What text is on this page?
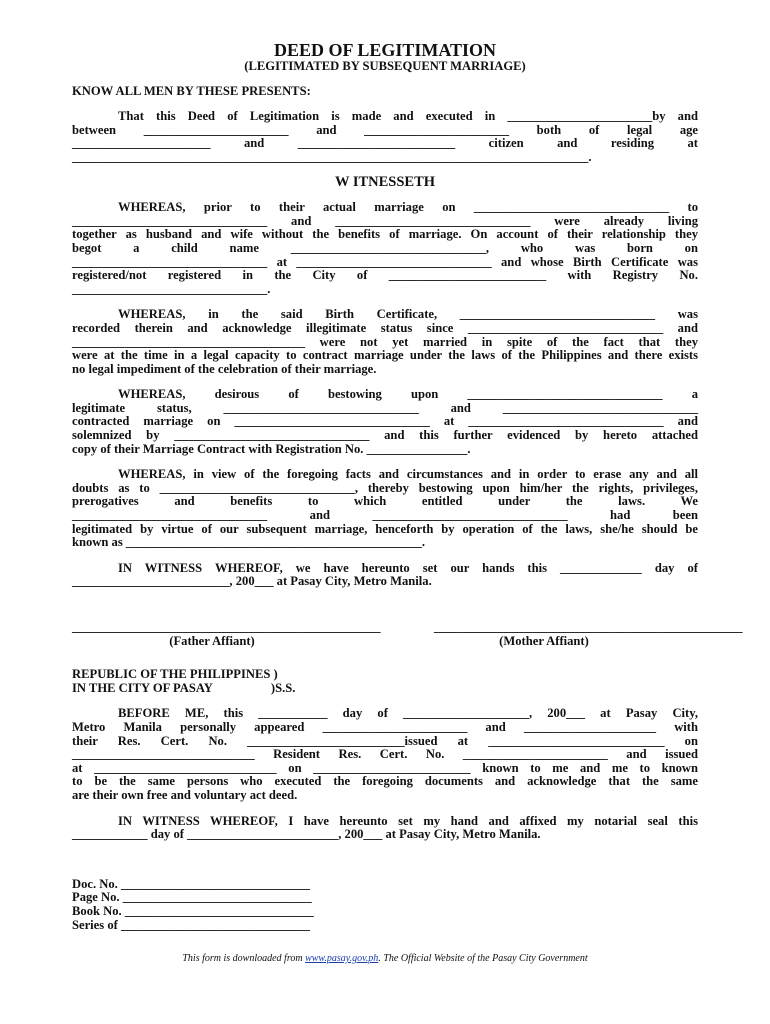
DEED OF LEGITIMATION

(LEGITIMATED BY SUBSEQUENT MARRIAGE)

KNOW ALL MEN BY THESE PRESENTS:

That this Deed of Legitimation is made and executed in _______________________by and

between _______________________ and _______________________ both of legal age

______________________ and _________________________ citizen and residing at

__________________________________________________________________________________.

W ITNESSETH

WHEREAS, prior to their actual marriage on _______________________________ to

_______________________________ and _______________________________ were already living

together as husband and wife without the benefits of marriage. On account of their relationship they

begot a child name _______________________________, who was born on

_______________________________ at _______________________________ and whose Birth Certificate was

registered/not registered in the City of _________________________ with Registry No.

_______________________________.

WHEREAS, in the said Birth Certificate, _______________________________ was

recorded therein and acknowledge illegitimate status since _______________________________ and

_____________________________________ were not yet married in spite of the fact that they

were at the time in a legal capacity to contract marriage under the laws of the Philippines and there exists

no legal impediment of the celebration of their marriage.

WHEREAS, desirous of bestowing upon _______________________________ a

legitimate status, _______________________________ and _______________________________

contracted marriage on _______________________________ at _______________________________ and

solemnized by _______________________________ and this further evidenced by hereto attached

copy of their Marriage Contract with Registration No. ________________.

WHEREAS, in view of the foregoing facts and circumstances and in order to erase any and all

doubts as to _______________________________, thereby bestowing upon him/her the rights, privileges,

prerogatives and benefits to which entitled under the laws. We

_______________________________ and _______________________________ had been

legitimated by virtue of our subsequent marriage, henceforth by operation of the laws, she/he should be

known as _______________________________________________.

IN WITNESS WHEREOF, we have hereunto set our hands this _____________ day of

_________________________, 200___ at Pasay City, Metro Manila.

_________________________________________________
(Father Affiant)
_________________________________________________
(Mother Affiant)
REPUBLIC OF THE PHILIPPINES )
IN THE CITY OF PASAY	)S.S.

BEFORE ME, this ___________ day of ____________________, 200___ at Pasay City,

Metro Manila personally appeared _______________________ and _____________________ with

their Res. Cert. No. _________________________issued at ____________________________ on

_____________________________ Resident Res. Cert. No. _______________________ and issued

at _____________________________ on _________________________ known to me and me to known

to be the same persons who executed the foregoing documents and acknowledge that the same

are their own free and voluntary act deed.

IN WITNESS WHEREOF, I have hereunto set my hand and affixed my notarial seal this

____________ day of ________________________, 200___ at Pasay City, Metro Manila.

Doc. No. ______________________________
Page No. ______________________________
Book No. ______________________________
Series of ______________________________
This form is downloaded from www.pasay.gov.ph. The Official Website of the Pasay City Government
